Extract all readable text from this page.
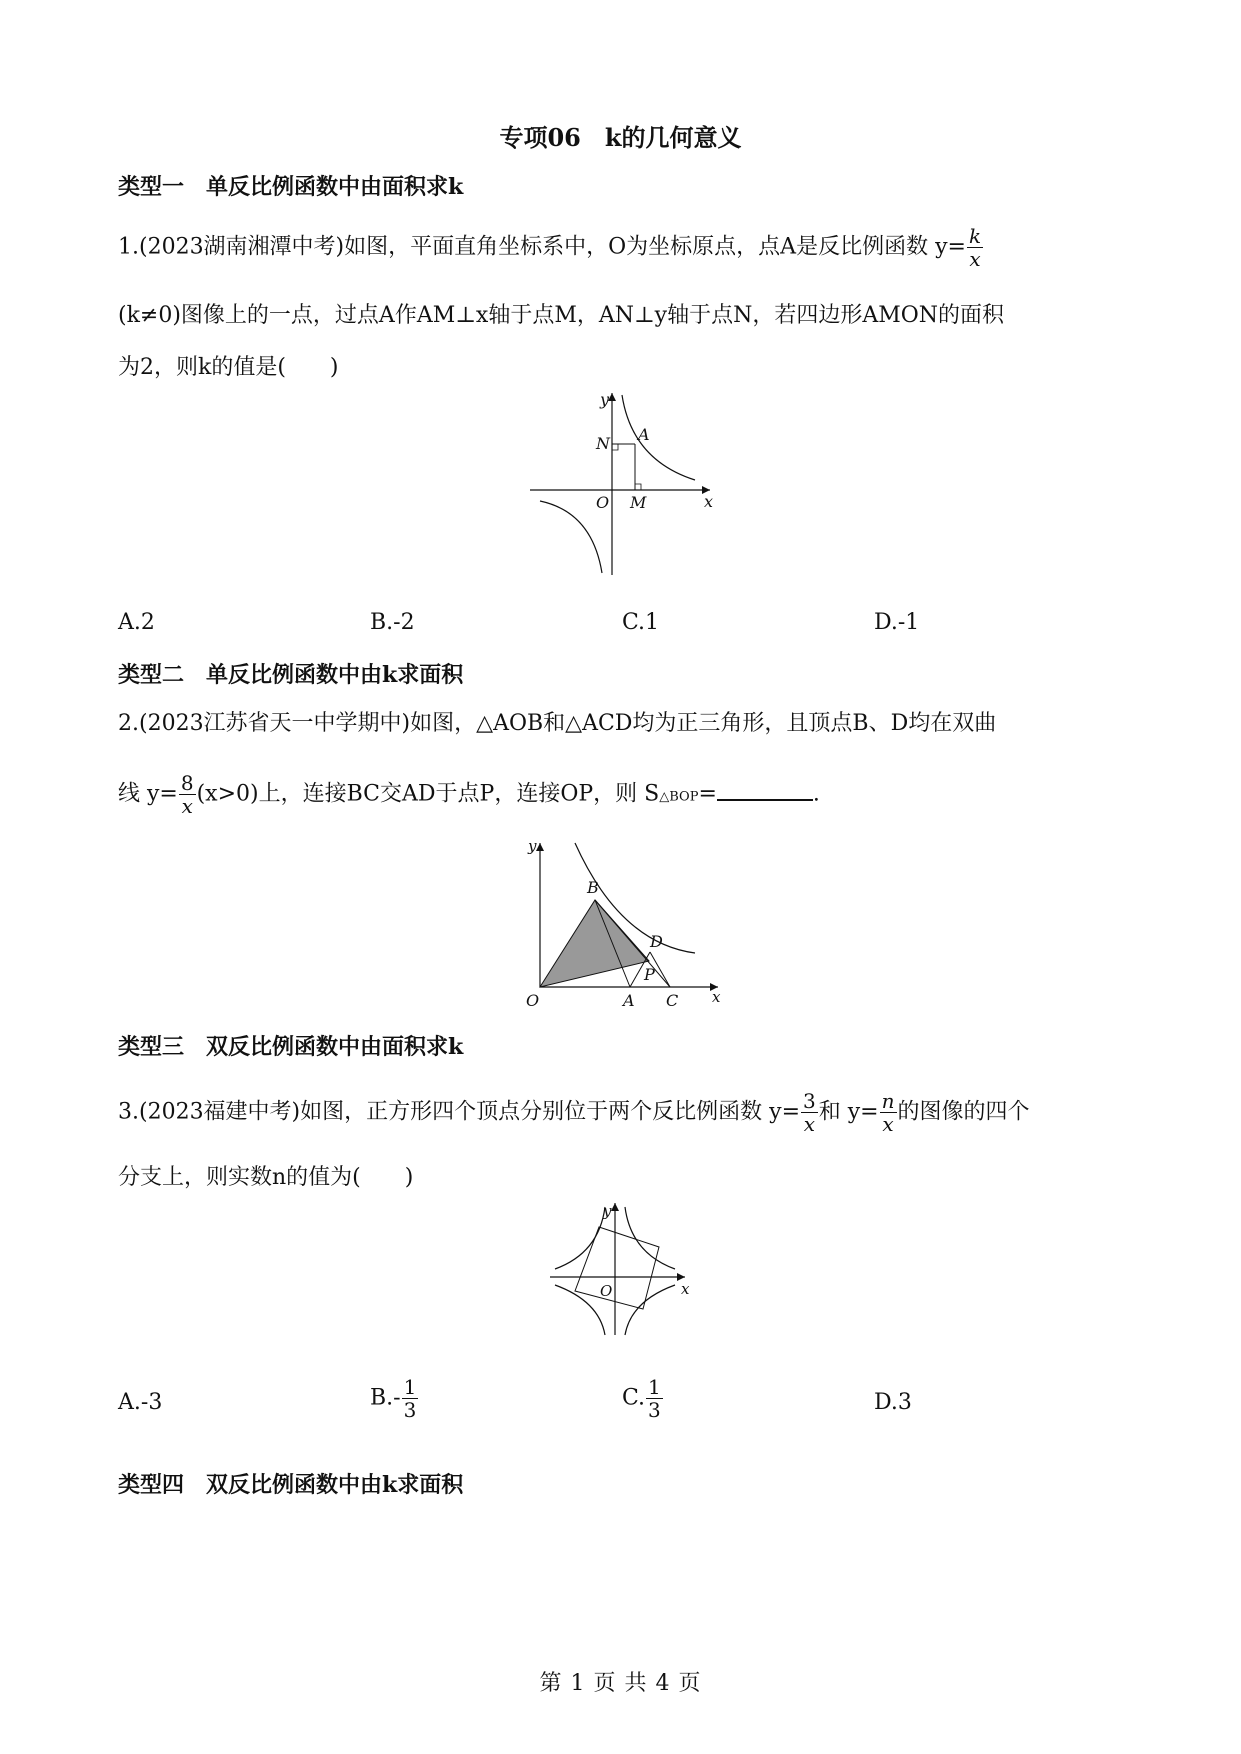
专项06　k的几何意义
类型一　单反比例函数中由面积求k
1.(2023湖南湘潭中考)如图，平面直角坐标系中，O为坐标原点，点A是反比例函数 $y= \frac{k}{x}$
(k≠0)图像上的一点，过点A作AM⊥x轴于点M，AN⊥y轴于点N，若四边形AMON的面积
为2，则k的值是( )
y
x
O
N A
M
A.2	B.-2	C.1	D.-1
类型二　单反比例函数中由k求面积
2.(2023江苏省天一中学期中)如图，△AOB和△ACD均为正三角形，且顶点B、D均在双曲
线 $y= \frac{8}{x} (x>0)$上，连接BC交AD于点P，连接OP，则 S△BOP=	.
y
x
O
B
D
P
A C
类型三　双反比例函数中由面积求k
3.(2023福建中考)如图，正方形四个顶点分别位于两个反比例函数 $y= \frac{3}{x}$ 和 $y= \frac{n}{x}$ 的图像的四个
分支上，则实数n的值为( )
y
x
O
A.-3	$B.- \frac{1}{3}$	C. $\frac{1}{3}$	D.3
类型四　双反比例函数中由k求面积
第 1 页 共 4 页
